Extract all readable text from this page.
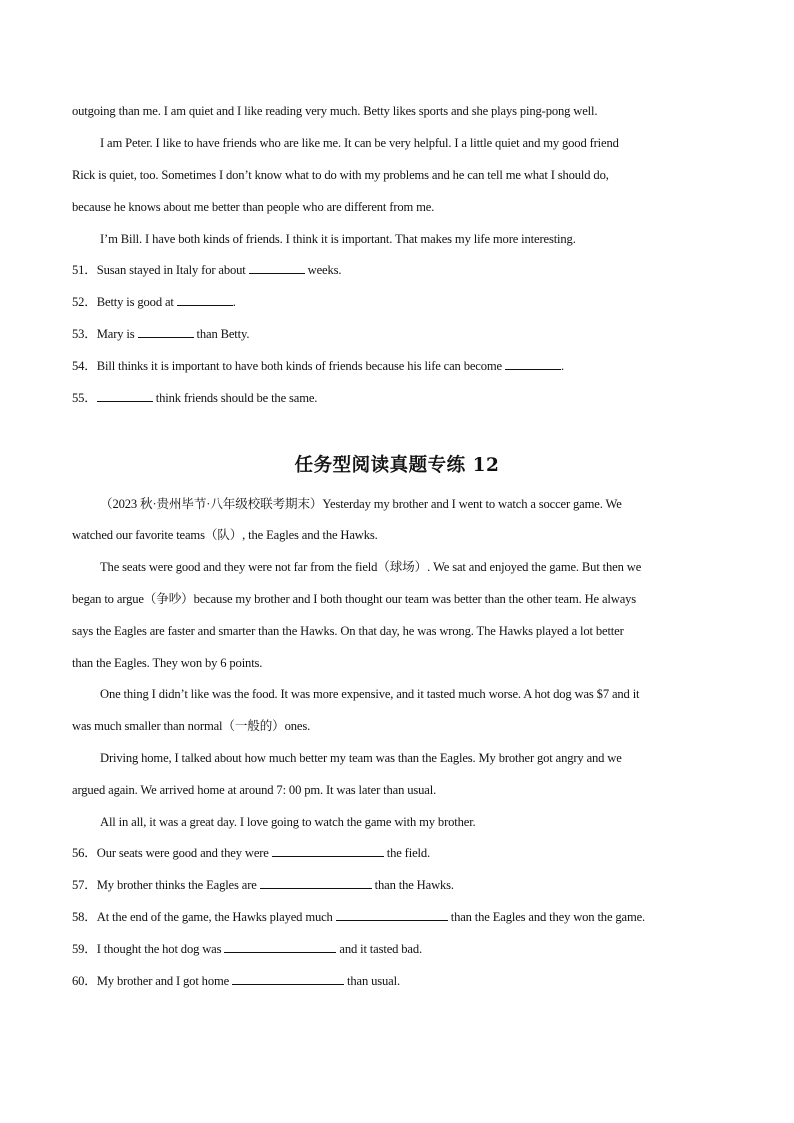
outgoing than me. I am quiet and I like reading very much. Betty likes sports and she plays ping-pong well.
I am Peter. I like to have friends who are like me. It can be very helpful. I a little quiet and my good friend
Rick is quiet, too. Sometimes I don’t know what to do with my problems and he can tell me what I should do,
because he knows about me better than people who are different from me.
I’m Bill. I have both kinds of friends. I think it is important. That makes my life more interesting.
51．Susan stayed in Italy for about	weeks.
52．Betty is good at	.
53．Mary is	than Betty.
54．Bill thinks it is important to have both kinds of friends because his life can become	.
55．	think friends should be the same.
任务型阅读真题专练 12
（2023 秋·贵州毕节·八年级校联考期末）Yesterday my brother and I went to watch a soccer game. We
watched our favorite teams（队）, the Eagles and the Hawks.
The seats were good and they were not far from the field（球场）. We sat and enjoyed the game. But then we
began to argue（争吵）because my brother and I both thought our team was better than the other team. He always
says the Eagles are faster and smarter than the Hawks. On that day, he was wrong. The Hawks played a lot better
than the Eagles. They won by 6 points.
One thing I didn’t like was the food. It was more expensive, and it tasted much worse. A hot dog was $7 and it
was much smaller than normal（一般的）ones.
Driving home, I talked about how much better my team was than the Eagles. My brother got angry and we
argued again. We arrived home at around 7: 00 pm. It was later than usual.
All in all, it was a great day. I love going to watch the game with my brother.
56．Our seats were good and they were	the field.
57．My brother thinks the Eagles are	than the Hawks.
58．At the end of the game, the Hawks played much	than the Eagles and they won the game.
59．I thought the hot dog was	and it tasted bad.
60．My brother and I got home	than usual.
